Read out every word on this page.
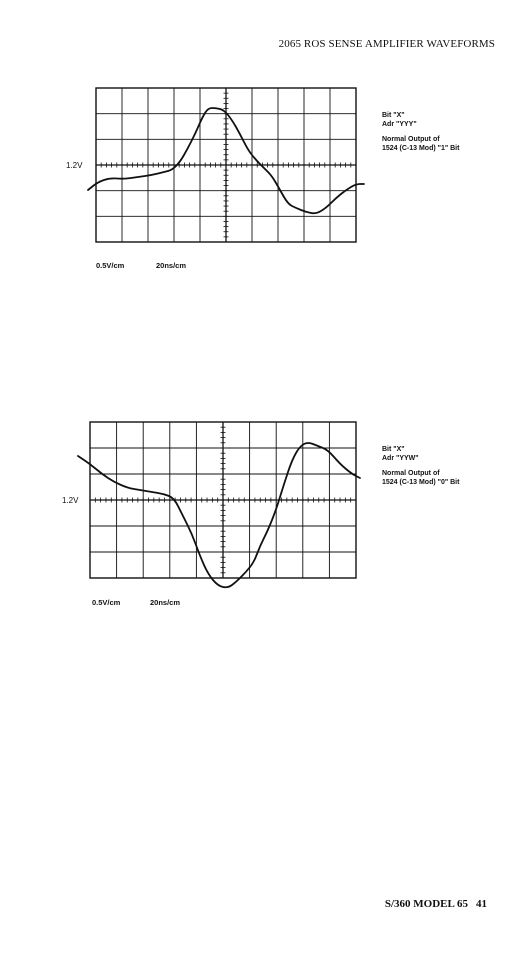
2065 ROS SENSE AMPLIFIER WAVEFORMS
1.2V
0.5V/cm	20ns/cm
Bit "X"
Adr "YYY"
Normal Output of
1524 (C-13 Mod) "1" Bit
1.2V
0.5V/cm	20ns/cm
Bit "X"
Adr "YYW"
Normal Output of
1524 (C-13 Mod) "0" Bit
S/360 MODEL 65 41
